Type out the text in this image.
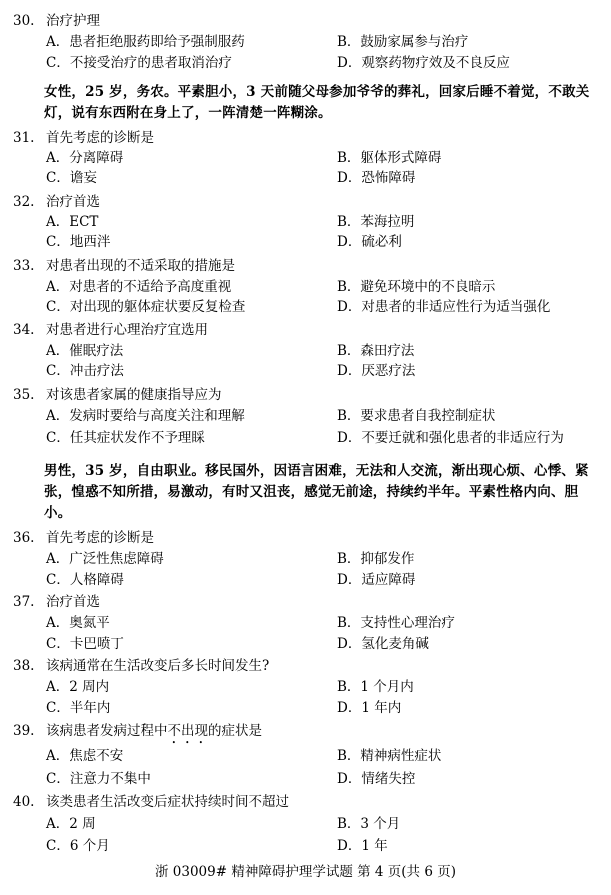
30. 治疗护理
A．患者拒绝服药即给予强制服药	B．鼓励家属参与治疗
C．不接受治疗的患者取消治疗	D．观察药物疗效及不良反应
31. 首先考虑的诊断是
A．分离障碍	B．躯体形式障碍
C．谵妄	D．恐怖障碍
32. 治疗首选
A．ECT	B．苯海拉明
C．地西泮	D．硫必利
33. 对患者出现的不适采取的措施是
A．对患者的不适给予高度重视	B．避免环境中的不良暗示
C．对出现的躯体症状要反复检查	D．对患者的非适应性行为适当强化
34. 对患者进行心理治疗宜选用
A．催眠疗法	B．森田疗法
C．冲击疗法	D．厌恶疗法
35. 对该患者家属的健康指导应为
A．发病时要给与高度关注和理解	B．要求患者自我控制症状
C．任其症状发作不予理睬	D．不要迁就和强化患者的非适应行为
36. 首先考虑的诊断是
A．广泛性焦虑障碍	B．抑郁发作
C．人格障碍	D．适应障碍
37. 治疗首选
A．奥氮平	B．支持性心理治疗
C．卡巴喷丁	D．氢化麦角碱
38. 该病通常在生活改变后多长时间发生?
A．2 周内	B．1 个月内
C．半年内	D．1 年内
39. 该病患者发病过程中不出现的症状是
A．焦虑不安	B．精神病性症状
C．注意力不集中	D．情绪失控
40. 该类患者生活改变后症状持续时间不超过
A．2 周	B．3 个月
C．6 个月	D．1 年
女性，25 岁，务农。平素胆小，3 天前随父母参加爷爷的葬礼，回家后睡不着觉，不敢关灯，说有东西附在身上了，一阵清楚一阵糊涂。
男性，35 岁，自由职业。移民国外，因语言困难，无法和人交流，渐出现心烦、心悸、紧张，惶惑不知所措，易激动，有时又沮丧，感觉无前途，持续约半年。平素性格内向、胆小。
浙 03009# 精神障碍护理学试题 第 4 页(共 6 页)
